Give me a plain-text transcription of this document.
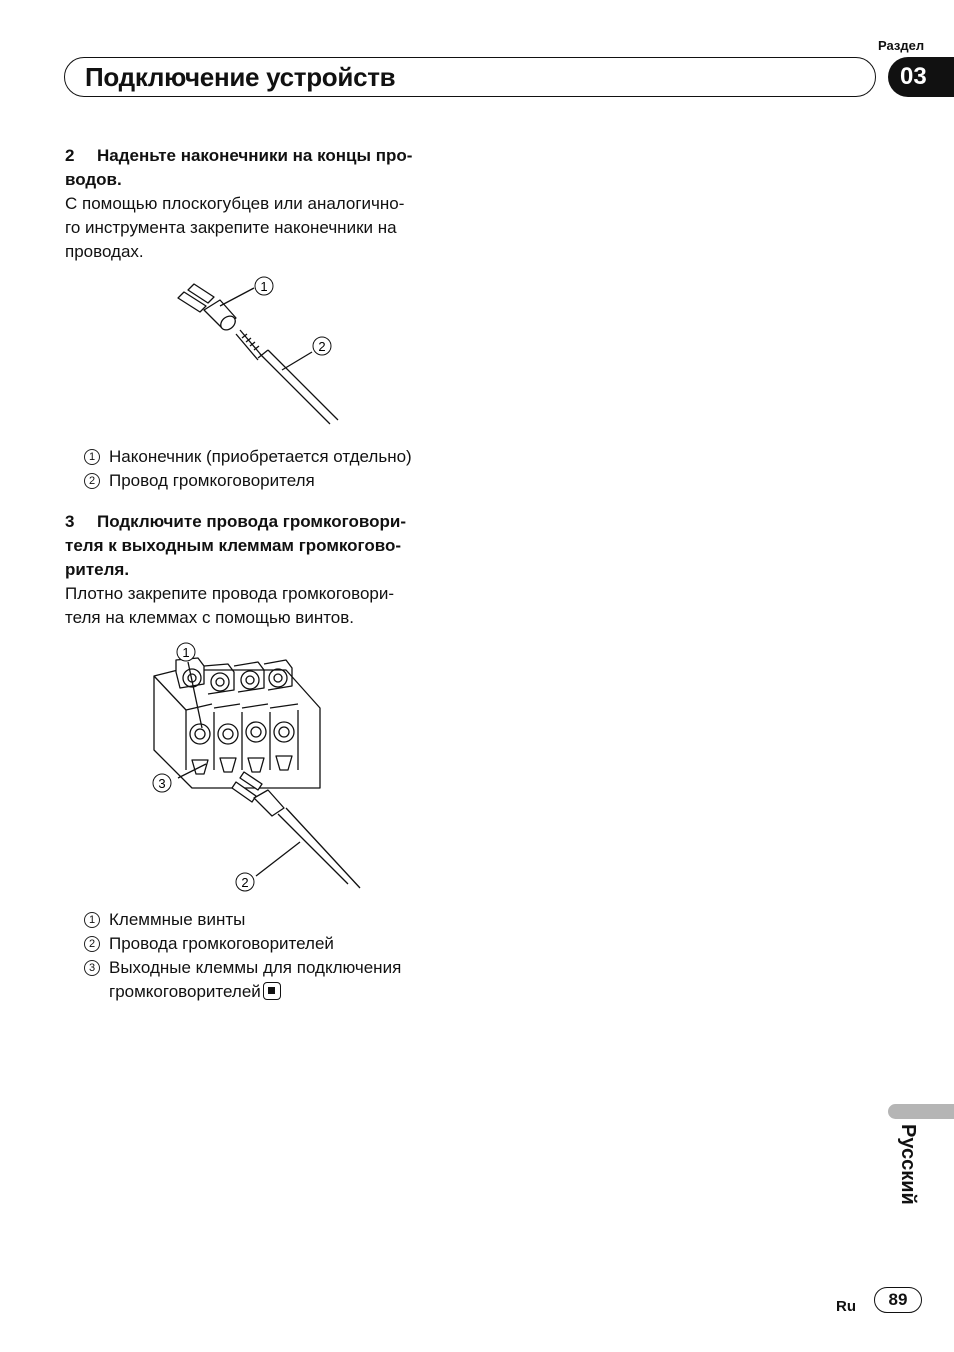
Раздел
Подключение устройств	03
2 Наденьте наконечники на концы про-
водов.
С помощью плоскогубцев или аналогично-
го инструмента закрепите наконечники на
проводах.
1
2
1 Наконечник (приобретается отдельно)
2 Провод громкоговорителя
3 Подключите провода громкоговори-
теля к выходным клеммам громкогово-
рителя.
Плотно закрепите провода громкоговори-
теля на клеммах с помощью винтов.
1
2
3
1 Клеммные винты
2 Провода громкоговорителей
3 Выходные клеммы для подключения
громкоговорителей
Русский
Ru	89
